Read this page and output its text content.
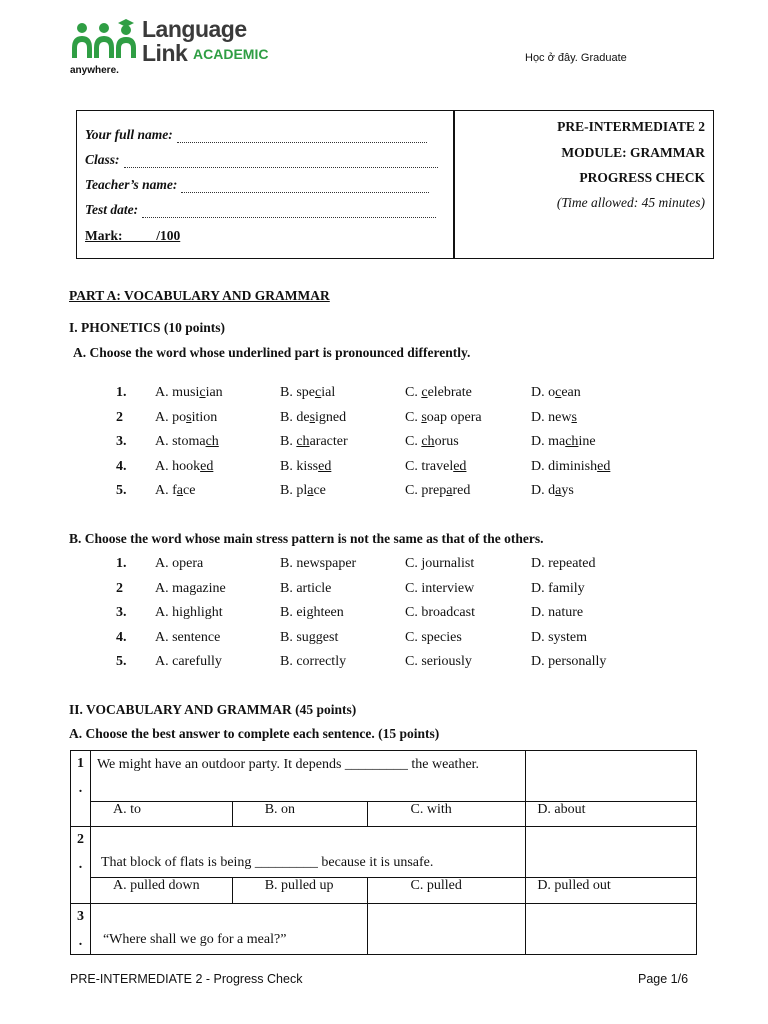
Language
Link ACADEMIC
anywhere.
Học ở đây. Graduate
Your full name:
Class:
Teacher’s name:
Test date:
Mark:          /100
PRE-INTERMEDIATE 2
MODULE: GRAMMAR
PROGRESS CHECK
(Time allowed: 45 minutes)
PART A: VOCABULARY AND GRAMMAR
I. PHONETICS (10 points)
A. Choose the word whose underlined part is pronounced differently.
1. A. musician	B. special	C. celebrate	D. ocean
2 A. position	B. designed	C. soap opera	D. news
3. A. stomach	B. character	C. chorus	D. machine
4. A. hooked	B. kissed	C. traveled	D. diminished
5. A. face	B. place	C. prepared	D. days
B. Choose the word whose main stress pattern is not the same as that of the others.
1. A. opera	B. newspaper	C. journalist	D. repeated
2 A. magazine	B. article	C. interview	D. family
3. A. highlight	B. eighteen	C. broadcast	D. nature
4. A. sentence	B. suggest	C. species	D. system
5. A. carefully	B. correctly	C. seriously	D. personally
II. VOCABULARY AND GRAMMAR (45 points)
A. Choose the best answer to complete each sentence. (15 points)
1
.	We might have an outdoor party. It depends _________ the weather.			
	A. to	B. on	C. with	D. about
2
.	That block of flats is being _________ because it is unsafe.			
	A. pulled down	B. pulled up	C. pulled	D. pulled out
3
.	“Where shall we go for a meal?”			
PRE-INTERMEDIATE 2 - Progress Check	Page 1/6
